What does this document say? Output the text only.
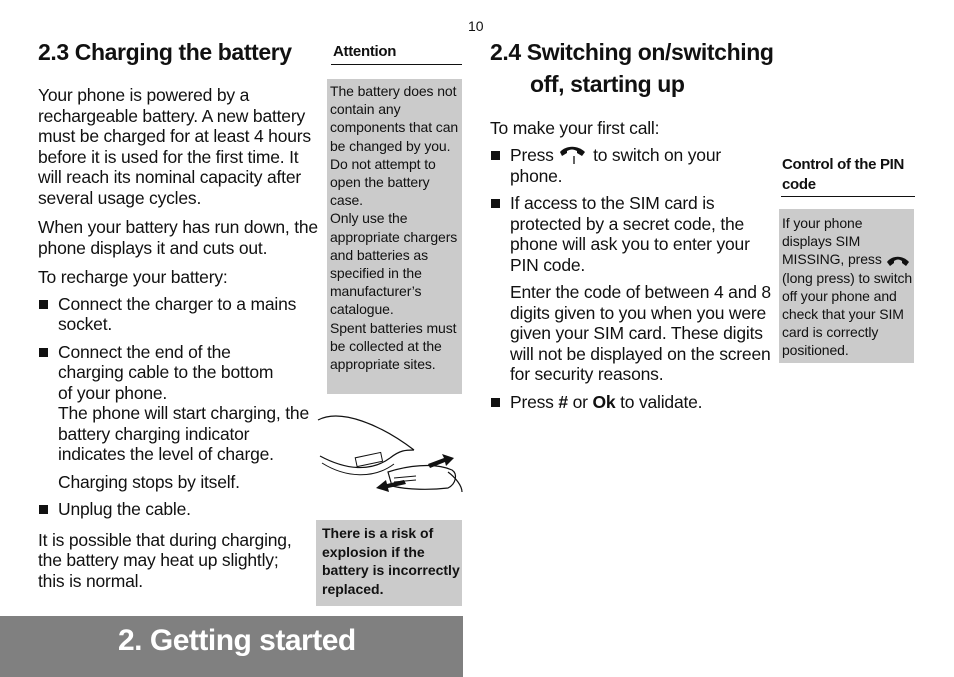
10
2.3 Charging the battery

Your phone is powered by a rechargeable battery. A new battery must be charged for at least 4 hours before it is used for the first time. It will reach its nominal capacity after several usage cycles.

When your battery has run down, the phone displays it and cuts out.

To recharge your battery:

Connect the charger to a mains socket.
Connect the end of the charging cable to the bottom of your phone.
The phone will start charging, the battery charging indicator indicates the level of charge.
Charging stops by itself.
Unplug the cable.

It is possible that during charging, the battery may heat up slightly; this is normal.

Attention

The battery does not contain any components that can be changed by you.

Do not attempt to open the battery case.

Only use the appropriate chargers and batteries as specified in the manufacturer’s catalogue.

Spent batteries must be collected at the appropriate sites.

There is a risk of explosion if the battery is incorrectly replaced.
2. Getting started
2.4 Switching on/switching
off, starting up

To make your first call:

Press to switch on your phone.
If access to the SIM card is protected by a secret code, the phone will ask you to enter your PIN code.
Enter the code of between 4 and 8 digits given to you when you were given your SIM card. These digits will not be displayed on the screen for security reasons.
Press # or Ok to validate.
Control of the PIN code
If your phone displays SIM MISSING, press  (long press) to switch off your phone and check that your SIM card is correctly positioned.
